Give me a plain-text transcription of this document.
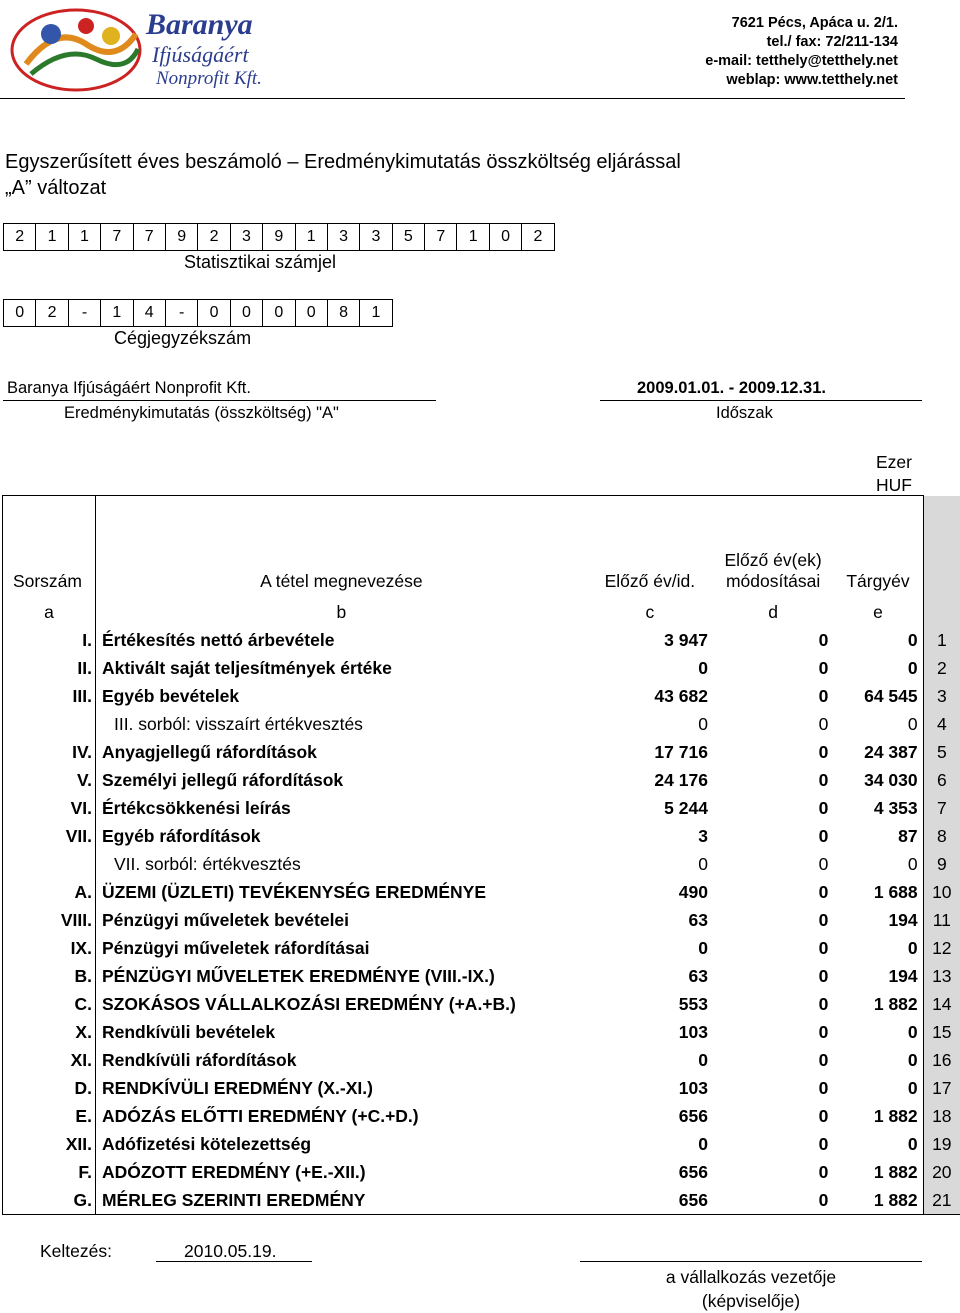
Baranya
Ifjúságáért
Nonprofit Kft.
7621 Pécs, Apáca u. 2/1.
tel./ fax: 72/211-134
e-mail: tetthely@tetthely.net
weblap: www.tetthely.net
Egyszerűsített éves beszámoló – Eredménykimutatás összköltség eljárással
„A” változat
2	1	1	7	7	9	2	3	9	1	3	3	5	7	1	0	2
Statisztikai számjel
0	2	-	1	4	-	0	0	0	0	8	1
Cégjegyzékszám
Baranya Ifjúságáért Nonprofit Kft.
Eredménykimutatás (összköltség) "A"
2009.01.01. - 2009.12.31.
Időszak
Ezer
HUF
Sorszám	A tétel megnevezése	Előző év/id.	Előző év(ek) módosításai	Tárgyév	
a	b	c	d	e	
I.	Értékesítés nettó árbevétele	3 947	0	0	1
II.	Aktivált saját teljesítmények értéke	0	0	0	2
III.	Egyéb bevételek	43 682	0	64 545	3
	III. sorból: visszaírt értékvesztés	0	0	0	4
IV.	Anyagjellegű ráfordítások	17 716	0	24 387	5
V.	Személyi jellegű ráfordítások	24 176	0	34 030	6
VI.	Értékcsökkenési leírás	5 244	0	4 353	7
VII.	Egyéb ráfordítások	3	0	87	8
	VII. sorból: értékvesztés	0	0	0	9
A.	ÜZEMI (ÜZLETI) TEVÉKENYSÉG EREDMÉNYE	490	0	1 688	10
VIII.	Pénzügyi műveletek bevételei	63	0	194	11
IX.	Pénzügyi műveletek ráfordításai	0	0	0	12
B.	PÉNZÜGYI MŰVELETEK EREDMÉNYE (VIII.-IX.)	63	0	194	13
C.	SZOKÁSOS VÁLLALKOZÁSI EREDMÉNY (+A.+B.)	553	0	1 882	14
X.	Rendkívüli bevételek	103	0	0	15
XI.	Rendkívüli ráfordítások	0	0	0	16
D.	RENDKÍVÜLI EREDMÉNY (X.-XI.)	103	0	0	17
E.	ADÓZÁS ELŐTTI EREDMÉNY (+C.+D.)	656	0	1 882	18
XII.	Adófizetési kötelezettség	0	0	0	19
F.	ADÓZOTT EREDMÉNY (+E.-XII.)	656	0	1 882	20
G.	MÉRLEG SZERINTI EREDMÉNY	656	0	1 882	21
Keltezés:	2010.05.19.
a vállalkozás vezetője
(képviselője)
